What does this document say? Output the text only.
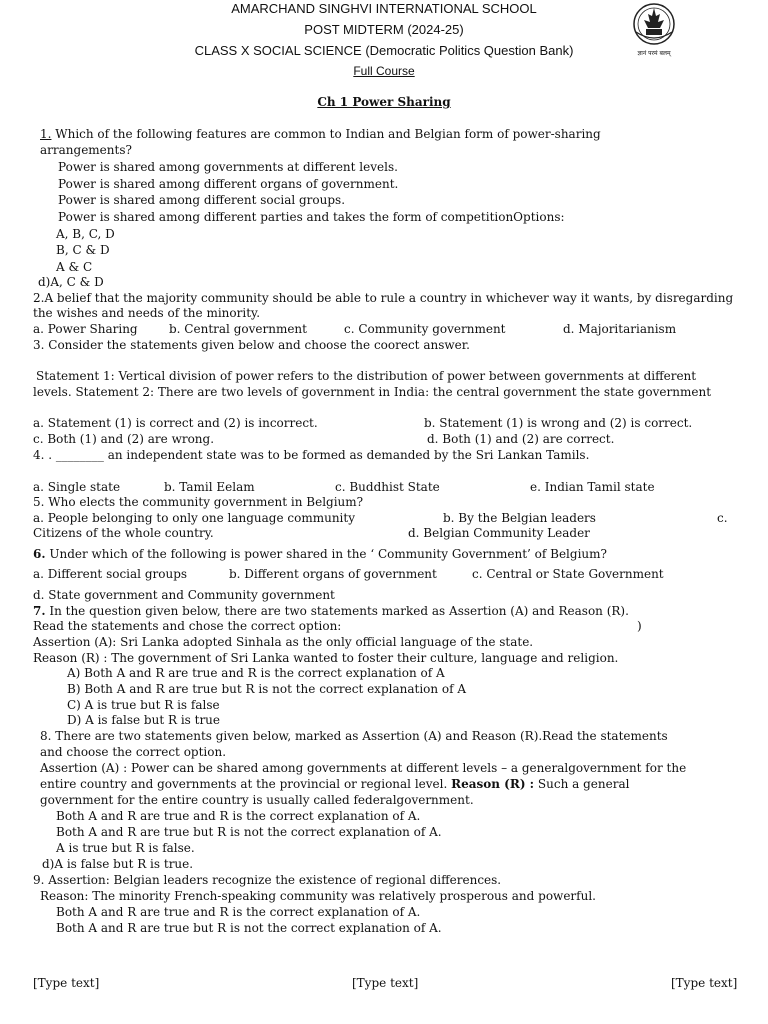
AMARCHAND SINGHVI INTERNATIONAL SCHOOL
POST MIDTERM (2024-25)
CLASS X SOCIAL SCIENCE (Democratic Politics Question Bank)
Full Course
ज्ञानं परमं बलम्
Ch 1 Power Sharing
1. Which of the following features are common to Indian and Belgian form of power-sharing
arrangements?
Power is shared among governments at different levels.
Power is shared among different organs of government.
Power is shared among different social groups.
Power is shared among different parties and takes the form of competitionOptions:
A, B, C, D
B, C & D
A & C
d)A, C & D
2.A belief that the majority community should be able to rule a country in whichever way it wants, by disregarding
the wishes and needs of the minority.
a. Power Sharing	b. Central government	c. Community government	d. Majoritarianism
3. Consider the statements given below and choose the coorect answer.
Statement 1: Vertical division of power refers to the distribution of power between governments at different
levels. Statement 2: There are two levels of government in India: the central government the state government
a. Statement (1) is correct and (2) is incorrect.	b. Statement (1) is wrong and (2) is correct.
c. Both (1) and (2) are wrong.	d. Both (1) and (2) are correct.
4. . ________ an independent state was to be formed as demanded by the Sri Lankan Tamils.
a. Single state	b. Tamil Eelam	c. Buddhist State	e. Indian Tamil state
5. Who elects the community government in Belgium?
a. People belonging to only one language community	b. By the Belgian leaders	c.
Citizens of the whole country.	d. Belgian Community Leader
6. Under which of the following is power shared in the ‘ Community Government’ of Belgium?
a. Different social groups	b. Different organs of government	c. Central or State Government
d. State government and Community government
7. In the question given below, there are two statements marked as Assertion (A) and Reason (R).
Read the statements and chose the correct option:	)
Assertion (A): Sri Lanka adopted Sinhala as the only official language of the state.
Reason (R) : The government of Sri Lanka wanted to foster their culture, language and religion.
A) Both A and R are true and R is the correct explanation of A
B) Both A and R are true but R is not the correct explanation of A
C) A is true but R is false
D) A is false but R is true
8. There are two statements given below, marked as Assertion (A) and Reason (R).Read the statements
and choose the correct option.
Assertion (A) : Power can be shared among governments at different levels – a generalgovernment for the
entire country and governments at the provincial or regional level. Reason (R) : Such a general
government for the entire country is usually called federalgovernment.
Both A and R are true and R is the correct explanation of A.
Both A and R are true but R is not the correct explanation of A.
A is true but R is false.
d)A is false but R is true.
9. Assertion: Belgian leaders recognize the existence of regional differences.
Reason: The minority French-speaking community was relatively prosperous and powerful.
Both A and R are true and R is the correct explanation of A.
Both A and R are true but R is not the correct explanation of A.
[Type text]	[Type text]	[Type text]
